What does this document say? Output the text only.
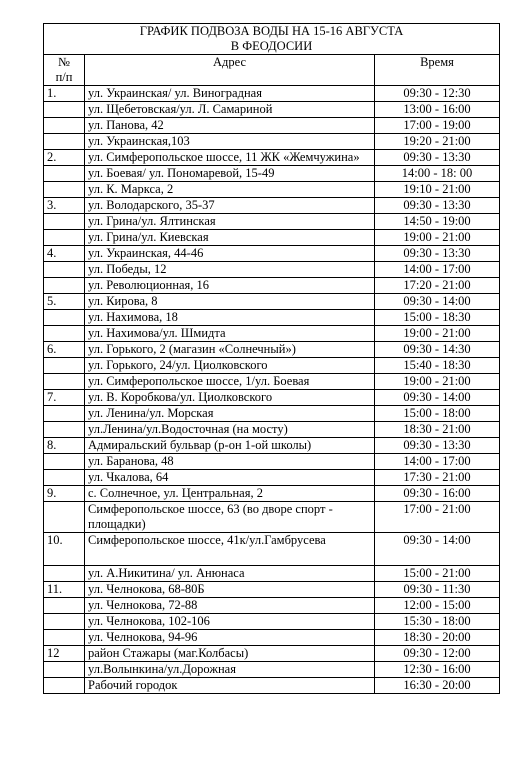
ГРАФИК ПОДВОЗА ВОДЫ НА 15-16 АВГУСТА
В ФЕОДОСИИ		

№
п/п	Адрес	Время
1.	ул. Украинская/ ул. Виноградная	09:30 - 12:30
	ул. Щебетовская/ул. Л. Самариной	13:00 - 16:00
	ул. Панова, 42	17:00 - 19:00
	ул. Украинская,103	19:20 - 21:00
2.	ул. Симферопольское шоссе, 11 ЖК «Жемчужина»	09:30 - 13:30
	ул. Боевая/ ул. Пономаревой, 15-49	14:00 - 18: 00
	ул. К. Маркса, 2	19:10 - 21:00
3.	ул. Володарского, 35-37	09:30 - 13:30
	ул. Грина/ул. Ялтинская	14:50 - 19:00
	ул. Грина/ул. Киевская	19:00 - 21:00
4.	ул. Украинская, 44-46	09:30 - 13:30
	ул. Победы, 12	14:00 - 17:00
	ул. Революционная, 16	17:20 - 21:00
5.	ул. Кирова, 8	09:30 - 14:00
	ул. Нахимова, 18	15:00 - 18:30
	ул. Нахимова/ул. Шмидта	19:00 - 21:00
6.	ул. Горького, 2 (магазин «Солнечный»)	09:30 - 14:30
	ул. Горького, 24/ул. Циолковского	15:40 - 18:30
	ул. Симферопольское шоссе, 1/ул. Боевая	19:00 - 21:00
7.	ул. В. Коробкова/ул. Циолковского	09:30 - 14:00
	ул. Ленина/ул. Морская	15:00 - 18:00
	ул.Ленина/ул.Водосточная (на мосту)	18:30 - 21:00
8.	Адмиральский бульвар (р-он 1-ой школы)	09:30 - 13:30
	ул. Баранова, 48	14:00 - 17:00
	ул. Чкалова, 64	17:30 - 21:00
9.	с. Солнечное, ул. Центральная, 2	09:30 - 16:00
	Симферопольское шоссе, 63 (во дворе спорт - площадки)	17:00 - 21:00
10.	Симферопольское шоссе, 41к/ул.Гамбрусева	09:30 - 14:00
	ул. А.Никитина/ ул. Анюнаса	15:00 - 21:00
11.	ул. Челнокова, 68-80Б	09:30 - 11:30
	ул. Челнокова, 72-88	12:00 - 15:00
	ул. Челнокова, 102-106	15:30 - 18:00
	ул. Челнокова, 94-96	18:30 - 20:00
12	район Стажары (маг.Колбасы)	09:30 - 12:00
	ул.Волынкина/ул.Дорожная	12:30 - 16:00
	Рабочий городок	16:30 - 20:00
